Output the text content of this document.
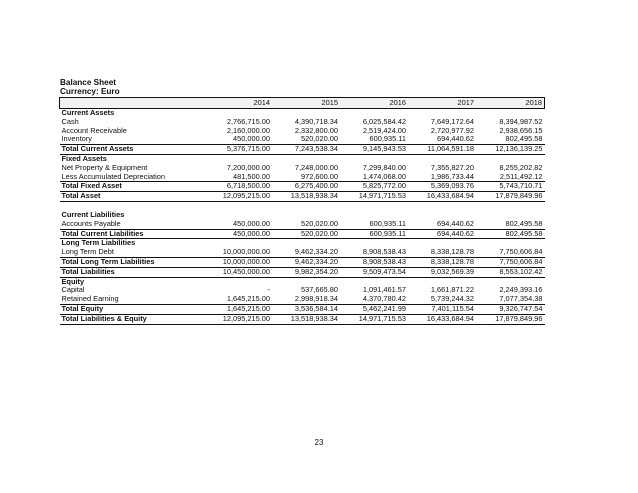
Balance Sheet
Currency: Euro
	2014	2015	2016	2017	2018
Current Assets					
Cash	2,766,715.00	4,390,718.34	6,025,584.42	7,649,172.64	8,394,987.52
Account Receivable	2,160,000.00	2,332,800.00	2,519,424.00	2,720,977.92	2,938,656.15
Inventory	450,000.00	520,020.00	600,935.11	694,440.62	802,495.58
Total Current Assets	5,376,715.00	7,243,538.34	9,145,943.53	11,064,591.18	12,136,139.25
Fixed Assets					
Net Property & Equipment	7,200,000.00	7,248,000.00	7,299,840.00	7,355,827.20	8,255,202.82
Less Accumulated Depreciation	481,500.00	972,600.00	1,474,068.00	1,986,733.44	2,511,492.12
Total Fixed Asset	6,718,500.00	6,275,400.00	5,825,772.00	5,369,093.76	5,743,710.71
Total Asset	12,095,215.00	13,518,938.34	14,971,715.53	16,433,684.94	17,879,849.96

Current Liabilities					
Accounts Payable	450,000.00	520,020.00	600,935.11	694,440.62	802,495.58
Total Current Liabilities	450,000.00	520,020.00	600,935.11	694,440.62	802,495.58
Long Term Liabilities					
Long Term Debt	10,000,000.00	9,462,334.20	8,908,538.43	8,338,128.78	7,750,606.84
Total Long Term Liabilities	10,000,000.00	9,462,334.20	8,908,538.43	8,338,128.78	7,750,606.84
Total Liabilities	10,450,000.00	9,982,354.20	9,509,473.54	9,032,569.39	8,553,102.42
Equity					
Capital	-	537,665.80	1,091,461.57	1,661,871.22	2,249,393.16
Retained Earning	1,645,215.00	2,998,918.34	4,370,780.42	5,739,244.32	7,077,354.38
Total Equity	1,645,215.00	3,536,584.14	5,462,241.99	7,401,115.54	9,326,747.54
Total Liabilities & Equity	12,095,215.00	13,518,938.34	14,971,715.53	16,433,684.94	17,879,849.96
23
